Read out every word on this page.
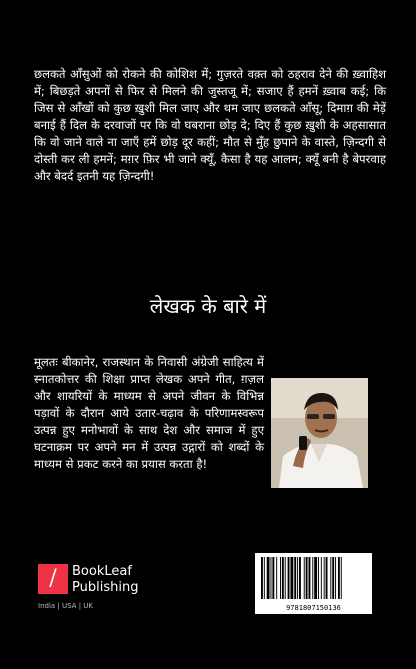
छलकते आँसुओं को रोकने की कोशिश में; गुज़रते वक़्त को ठहराव देने की ख़्वाहिश में; बिछड़ते अपनों से फिर से मिलने की जुस्तजू में; सजाए हैं हमनें ख़्वाब कई; कि जिस से आँखों को कुछ ख़ुशी मिल जाए और थम जाए छलकते आँसू; दिमाग़ की मेड़ें बनाई हैं दिल के दरवाजों पर कि वो घबराना छोड़ दे; दिए हैं कुछ ख़ुशी के अहसासात कि वो जाने वाले ना जाएँ हमें छोड़ दूर कहीं; मौत से मुँह छुपाने के वास्ते, ज़िन्दगी से दोस्ती कर ली हमनें; मग़र फ़िर भी जाने क्यूँ, कैसा है यह आलम; क्यूँ बनी है बेपरवाह और बेदर्द इतनी यह ज़िन्दगी!
लेखक के बारे में
मूलतः बीकानेर, राजस्थान के निवासी अंग्रेजी साहित्य में स्नातकोत्तर की शिक्षा प्राप्त लेखक अपने गीत, ग़ज़ल और शायरियों के माध्यम से अपने जीवन के विभिन्न पड़ावों के दौरान आये उतार-चढ़ाव के परिणामस्वरूप उत्पन्न हुए मनोभावों के साथ देश और समाज में हुए घटनाक्रम पर अपने मन में उत्पन्न उद्गारों को शब्दों के माध्यम से प्रकट करने का प्रयास करता है!
/	BookLeaf
Publishing
India | USA | UK	9781807150136
